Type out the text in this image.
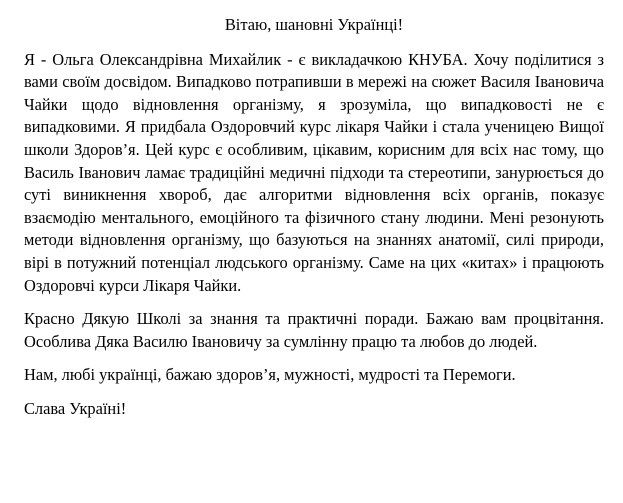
Вітаю, шановні Українці!

Я - Ольга Олександрівна Михайлик - є викладачкою КНУБА. Хочу поділитися з вами своїм досвідом. Випадково потрапивши в мережі на сюжет Василя Івановича Чайки щодо відновлення організму, я зрозуміла, що випадковості не є випадковими. Я придбала Оздоровчий курс лікаря Чайки і стала ученицею Вищої школи Здоров’я. Цей курс є особливим, цікавим, корисним для всіх нас тому, що Василь Іванович ламає традиційні медичні підходи та стереотипи, занурюється до суті виникнення хвороб, дає алгоритми відновлення всіх органів, показує взаємодію ментального, емоційного та фізичного стану людини. Мені резонують методи відновлення організму, що базуються на знаннях анатомії, силі природи, вірі в потужний потенціал людського організму. Саме на цих «китах» і працюють Оздоровчі курси Лікаря Чайки.

Красно Дякую Школі за знання та практичні поради. Бажаю вам процвітання. Особлива Дяка Василю Івановичу за сумлінну працю та любов до людей.

Нам, любі українці, бажаю здоров’я, мужності, мудрості та Перемоги.

Слава Україні!
